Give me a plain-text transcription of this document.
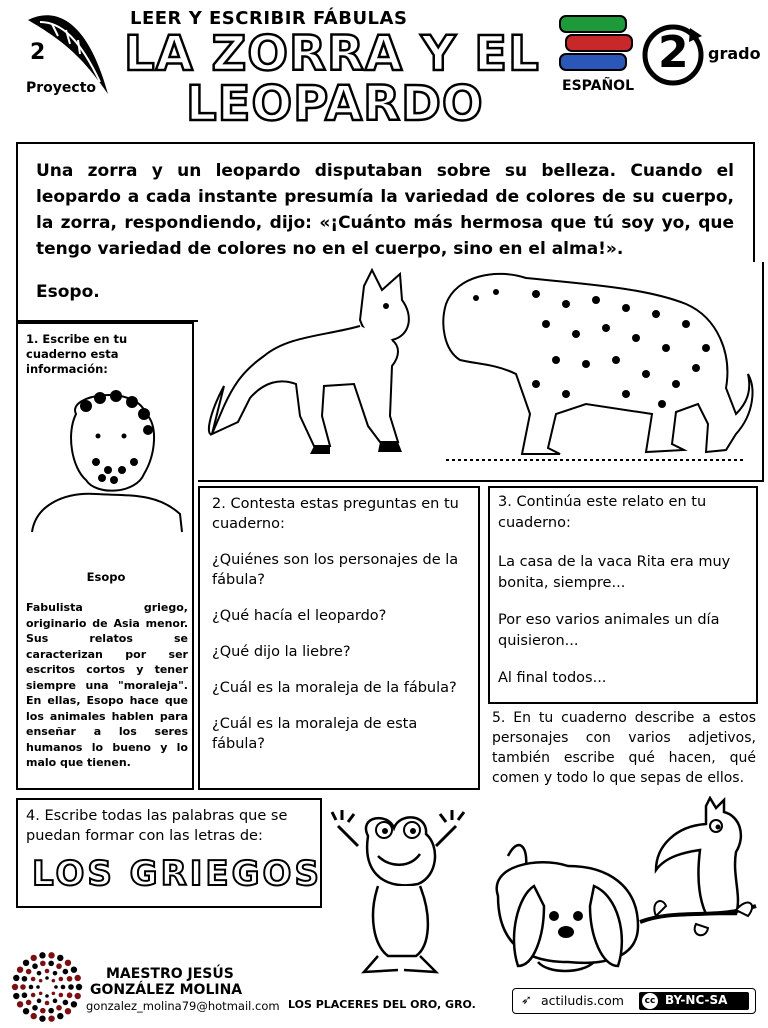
2
Proyecto
LEER Y ESCRIBIR FÁBULAS
LA ZORRA Y EL
LEOPARDO	ESPAÑOL
2 grado

Una zorra y un leopardo disputaban sobre su belleza. Cuando el leopardo a cada instante presumía la variedad de colores de su cuerpo, la zorra, respondiendo, dijo: «¡Cuánto más hermosa que tú soy yo, que tengo variedad de colores no en el cuerpo, sino en el alma!».

Esopo.

1. Escribe en tu cuaderno esta información:

Esopo

Fabulista griego, originario de Asia menor. Sus relatos se caracterizan por ser escritos cortos y tener siempre una "moraleja". En ellas, Esopo hace que los animales hablen para enseñar a los seres humanos lo bueno y lo malo que tienen.

2. Contesta estas preguntas en tu cuaderno:

¿Quiénes son los personajes de la fábula?

¿Qué hacía el leopardo?

¿Qué dijo la liebre?

¿Cuál es la moraleja de la fábula?

¿Cuál es la moraleja de esta fábula?

3. Continúa este relato en tu cuaderno:

La casa de la vaca Rita era muy bonita, siempre...

Por eso varios animales un día quisieron...

Al final todos...

5. En tu cuaderno describe a estos personajes con varios adjetivos, también escribe qué hacen, qué comen y todo lo que sepas de ellos.

4. Escribe todas las palabras que se puedan formar con las letras de:

LOS GRIEGOS
MAESTRO JESÚS
GONZÁLEZ MOLINA
gonzalez_molina79@hotmail.com LOS PLACERES DEL ORO, GRO.	➶ actiludis.com cc BY-NC-SA
